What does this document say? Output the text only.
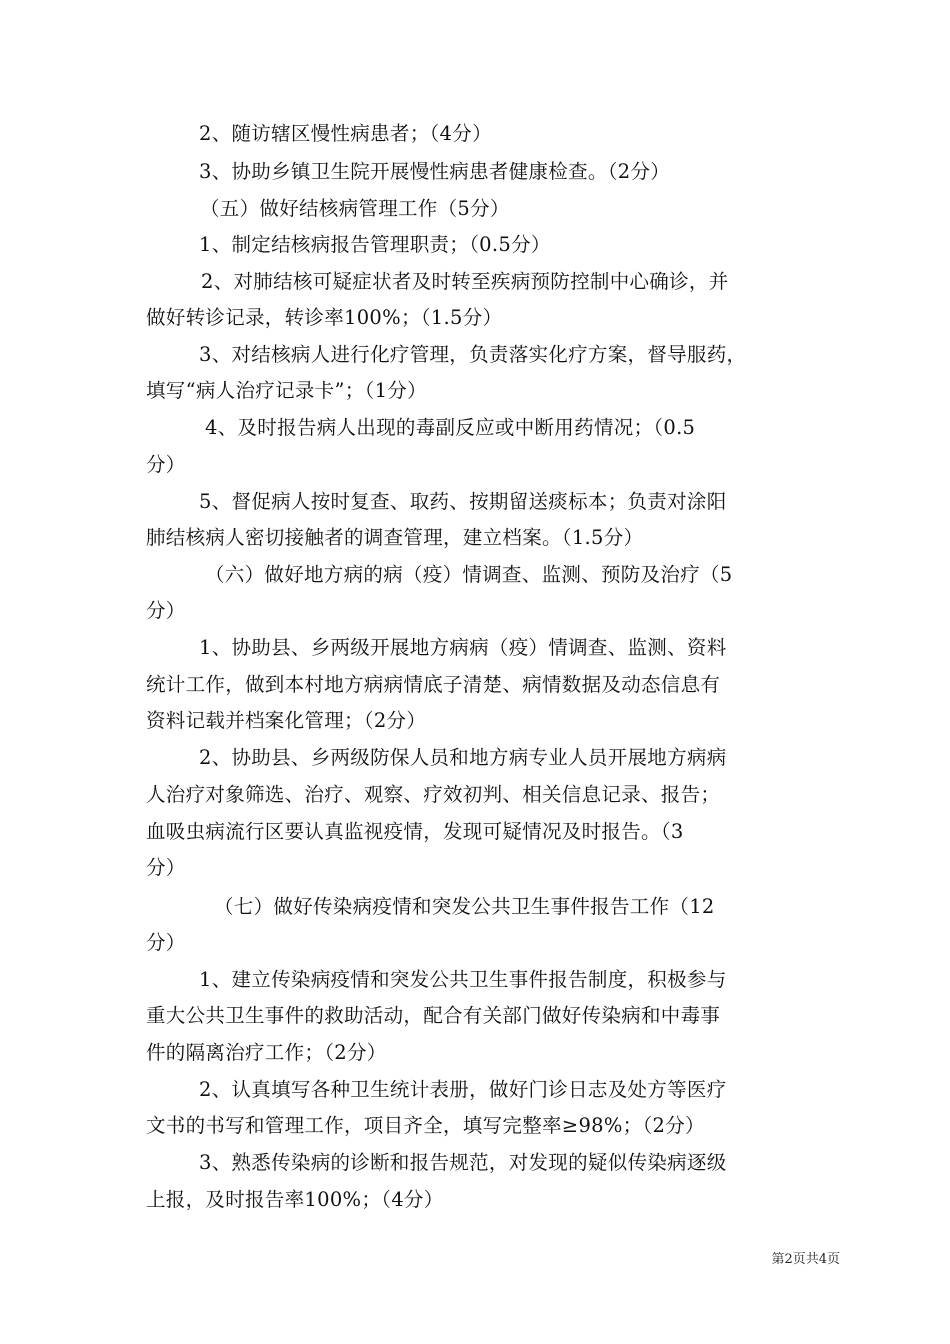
2、随访辖区慢性病患者；（4分）
3、协助乡镇卫生院开展慢性病患者健康检查。（2分）
（五）做好结核病管理工作（5分）
1、制定结核病报告管理职责；（0.5分）
2、对肺结核可疑症状者及时转至疾病预防控制中心确诊，并
做好转诊记录，转诊率100%；（1.5分）
3、对结核病人进行化疗管理，负责落实化疗方案，督导服药，
填写“病人治疗记录卡”；（1分）
4、及时报告病人出现的毒副反应或中断用药情况；（0.5
分）
5、督促病人按时复查、取药、按期留送痰标本；负责对涂阳
肺结核病人密切接触者的调查管理，建立档案。（1.5分）
（六）做好地方病的病（疫）情调查、监测、预防及治疗（5
分）
1、协助县、乡两级开展地方病病（疫）情调查、监测、资料
统计工作，做到本村地方病病情底子清楚、病情数据及动态信息有
资料记载并档案化管理；（2分）
2、协助县、乡两级防保人员和地方病专业人员开展地方病病
人治疗对象筛选、治疗、观察、疗效初判、相关信息记录、报告；
血吸虫病流行区要认真监视疫情，发现可疑情况及时报告。（3
分）
（七）做好传染病疫情和突发公共卫生事件报告工作（12
分）
1、建立传染病疫情和突发公共卫生事件报告制度，积极参与
重大公共卫生事件的救助活动，配合有关部门做好传染病和中毒事
件的隔离治疗工作；（2分）
2、认真填写各种卫生统计表册，做好门诊日志及处方等医疗
文书的书写和管理工作，项目齐全，填写完整率≥98%；（2分）
3、熟悉传染病的诊断和报告规范，对发现的疑似传染病逐级
上报，及时报告率100%；（4分）
第2页共4页
